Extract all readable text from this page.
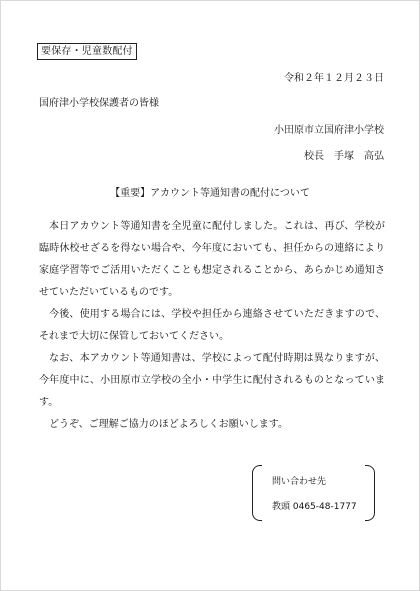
要保存・児童数配付
令和２年１２月２３日
国府津小学校保護者の皆様
小田原市立国府津小学校
校長　手塚　高弘
【重要】アカウント等通知書の配付について

本日アカウント等通知書を全児童に配付しました。これは、再び、学校が臨時休校せざるを得ない場合や、今年度においても、担任からの連絡により家庭学習等でご活用いただくことも想定されることから、あらかじめ通知させていただいているものです。

今後、使用する場合には、学校や担任から連絡させていただきますので、それまで大切に保管しておいてください。

なお、本アカウント等通知書は、学校によって配付時期は異なりますが、今年度中に、小田原市立学校の全小・中学生に配付されるものとなっています。

どうぞ、ご理解ご協力のほどよろしくお願いします。

問い合わせ先
教頭 0465-48-1777
